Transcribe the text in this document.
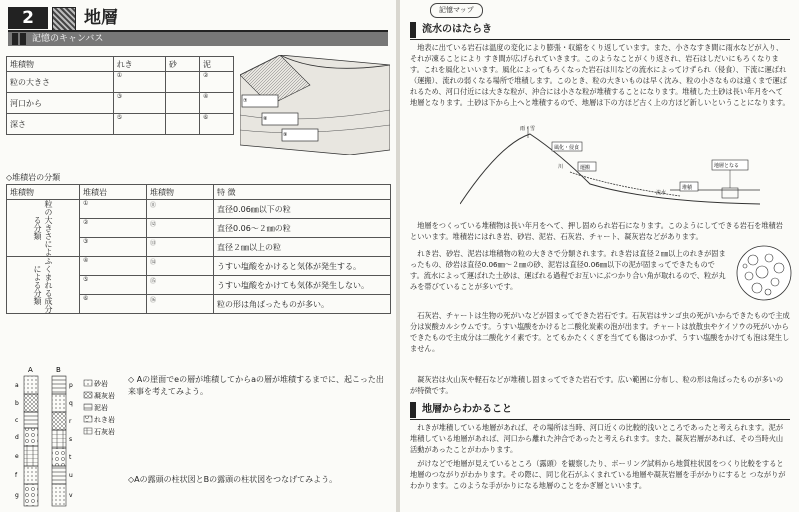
2	地層
記憶のキャンバス
堆積物	れき	砂	泥
粒の大きさ	①		②
河口から	③		④
深さ	⑤		⑥
⑦
⑧
⑨
◇堆積岩の分類
堆積物	堆積岩	堆積物	特 徴
粒の大きさによる分類	①	⑪	直径0.06㎜以下の粒
	②	⑫	直径0.06～２㎜の粒
	③	⑬	直径２㎜以上の粒
ふくまれる成分による分類	④	⑭	うすい塩酸をかけると気体が発生する。
	⑤	⑮	うすい塩酸をかけても気体が発生しない。
	⑥	⑯	粒の形は角ばったものが多い。
A	B
a
b
c
d
e
f
g
p
q
r
s
t
u
v
砂岩
凝灰岩
泥岩
れき岩
石灰岩
◇ Aの崖面でeの層が堆積してからaの層が堆積するまでに、起こった出来事を考えてみよう。
◇Aの露頭の柱状図とBの露頭の柱状図をつなげてみよう。
記憶マップ
流水のはたらき
地表に出ている岩石は温度の変化により膨張・収縮をくり返しています。また、小さなすき間に雨水などが入り、それが凍ることにより すき間が広げられていきます。このようなことがくり返され、岩石はしだいにもろくなります。これを風化といいます。風化によってもろくなった岩石は川などの流水によってけずられ（侵食）、下流に運ばれ（運搬）、流れの弱くなる場所で堆積します。このとき、粒の大きいものは早く沈み、粒の小さなものは遠くまで運ばれるため、河口付近には大きな粒が、沖合には小さな粒が堆積することになります。堆積した土砂は長い年月をへて地層となります。土砂は下から上へと堆積するので、地層は下の方ほど古く上の方ほど新しいということになります。
雨・雪
風化・侵食
運搬
流水
堆積
地層となる
川
地層をつくっている堆積物は長い年月をへて、押し固められ岩石になります。このようにしてできる岩石を堆積岩といいます。堆積岩にはれき岩、砂岩、泥岩、石灰岩、チャート、凝灰岩などがあります。
れき岩、砂岩、泥岩は堆積物の粒の大きさで分類されます。れき岩は直径２㎜以上のれきが固まったもの、砂岩は直径0.06㎜～２㎜の砂、泥岩は直径0.06㎜以下の泥が固まってできたものです。流水によって運ばれた土砂は、運ばれる過程でお互いにぶつかり合い角が取れるので、粒が丸みを帯びていることが多いです。
石灰岩、チャートは生物の死がいなどが固まってできた岩石です。石灰岩はサンゴ虫の死がいからできたもので主成分は炭酸カルシウムです。うすい塩酸をかけると二酸化炭素の泡が出ます。チャートは放散虫やケイソウの死がいからできたもので主成分は二酸化ケイ素です。とてもかたくくぎを当てても傷はつかず、うすい塩酸をかけても泡は発生しません。
凝灰岩は火山灰や軽石などが堆積し固まってできた岩石です。広い範囲に分布し、粒の形は角ばったものが多いのが特徴です。
地層からわかること
れきが堆積している地層があれば、その場所は当時、河口近くの比較的浅いところであったと考えられます。泥が堆積している地層があれば、河口から離れた沖合であったと考えられます。また、凝灰岩層があれば、その当時火山活動があったことがわかります。
がけなどで地層が見えているところ（露頭）を観察したり、ボーリング試料から地質柱状図をつくり比較をすると地層のつながりがわかります。その際に、同じ化石がふくまれている地層や凝灰岩層を手がかりにすると つながりがわかります。このような手がかりになる地層のことをかぎ層といいます。
